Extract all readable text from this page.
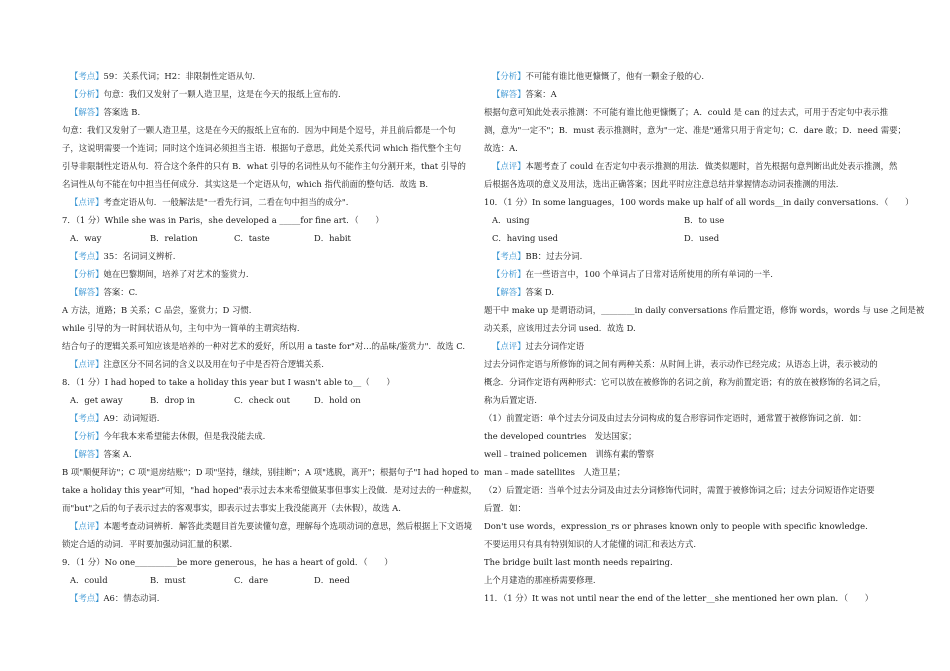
【考点】59：关系代词；H2：非限制性定语从句.
【分析】句意：我们又发射了一颗人造卫星，这是在今天的报纸上宣布的.
【解答】答案选 B.
句意：我们又发射了一颗人造卫星，这是在今天的报纸上宣布的．因为中间是个逗号，并且前后都是一个句
子，这说明需要一个连词；同时这个连词必须担当主语．根据句子意思，此处关系代词 which 指代整个主句
引导非限制性定语从句．符合这个条件的只有 B．what 引导的名词性从句不能作主句分割开来，that 引导的
名词性从句不能在句中担当任何成分．其实这是一个定语从句，which 指代前面的整句话．故选 B.
【点评】考查定语从句．一般解法是"一看先行词，二看在句中担当的成分".
7．（1 分）While she was in Paris，she developed a _____for fine art．（　　）
A．way	B．relation	C．taste	D．habit
【考点】35：名词词义辨析.
【分析】她在巴黎期间，培养了对艺术的鉴赏力.
【解答】答案：C.
A 方法，道路；B 关系；C 品尝，鉴赏力；D 习惯.
while 引导的为一时间状语从句，主句中为一简单的主谓宾结构.
结合句子的逻辑关系可知应该是培养的一种对艺术的爱好，所以用 a taste for"对…的品味/鉴赏力"．故选 C.
【点评】注意区分不同名词的含义以及用在句子中是否符合逻辑关系.
8．（1 分）I had hoped to take a holiday this year but I wasn't able to__（　　）
A．get away	B．drop in	C．check out	D．hold on
【考点】A9：动词短语.
【分析】今年我本来希望能去休假，但是我没能去成.
【解答】答案 A.
B 项"顺便拜访"；C 项"退房结账"；D 项"坚持，继续，别挂断"；A 项"逃脱，离开"；根据句子"I had hoped to
take a holiday this year"可知，"had hoped"表示过去本来希望做某事但事实上没做．是对过去的一种虚拟，
而"but"之后的句子表示过去的客观事实，即表示过去事实上我没能离开（去休假），故选 A.
【点评】本题考查动词辨析．解答此类题目首先要读懂句意，理解每个选项动词的意思，然后根据上下文语境
锁定合适的动词．平时要加强动词汇量的积累.
9．（1 分）No one__________be more generous，he has a heart of gold．（　　）
A．could	B．must	C．dare	D．need
【考点】A6：情态动词.
【分析】不可能有谁比他更慷慨了，他有一颗金子般的心.
【解答】答案：A
根据句意可知此处表示推测：不可能有谁比他更慷慨了；A．could 是 can 的过去式，可用于否定句中表示推
测，意为"一定不"；B．must 表示推测时，意为"一定、准是"通常只用于肯定句；C．dare 敢；D．need 需要；
故选：A.
【点评】本题考查了 could 在否定句中表示推测的用法．做类似题时，首先根据句意判断出此处表示推测，然
后根据各选项的意义及用法，选出正确答案；因此平时应注意总结并掌握情态动词表推测的用法.
10．（1 分）In some languages，100 words make up half of all words__in daily conversations．（　　）
A．using	B．to use
C．having used	D．used
【考点】BB：过去分词.
【分析】在一些语言中，100 个单词占了日常对话所使用的所有单词的一半.
【解答】答案 D.
题干中 make up 是谓语动词，________in daily conversations 作后置定语，修饰 words，words 与 use 之间是被
动关系，应该用过去分词 used．故选 D.
【点评】过去分词作定语
过去分词作定语与所修饰的词之间有两种关系：从时间上讲，表示动作已经完成；从语态上讲，表示被动的
概念．分词作定语有两种形式：它可以放在被修饰的名词之前，称为前置定语；有的放在被修饰的名词之后，
称为后置定语.
（1）前置定语：单个过去分词及由过去分词构成的复合形容词作定语时，通常置于被修饰词之前．如：
the developed countries　发达国家；
well﹣trained policemen　训练有素的警察
man﹣made satellites　人造卫星；
（2）后置定语：当单个过去分词及由过去分词修饰代词时，需置于被修饰词之后；过去分词短语作定语要
后置．如：
Don't use words，expression_rs or phrases known only to people with specific knowledge.
不要运用只有具有特别知识的人才能懂的词汇和表达方式.
The bridge built last month needs repairing.
上个月建造的那座桥需要修理.
11．（1 分）It was not until near the end of the letter__she mentioned her own plan．（　　）
